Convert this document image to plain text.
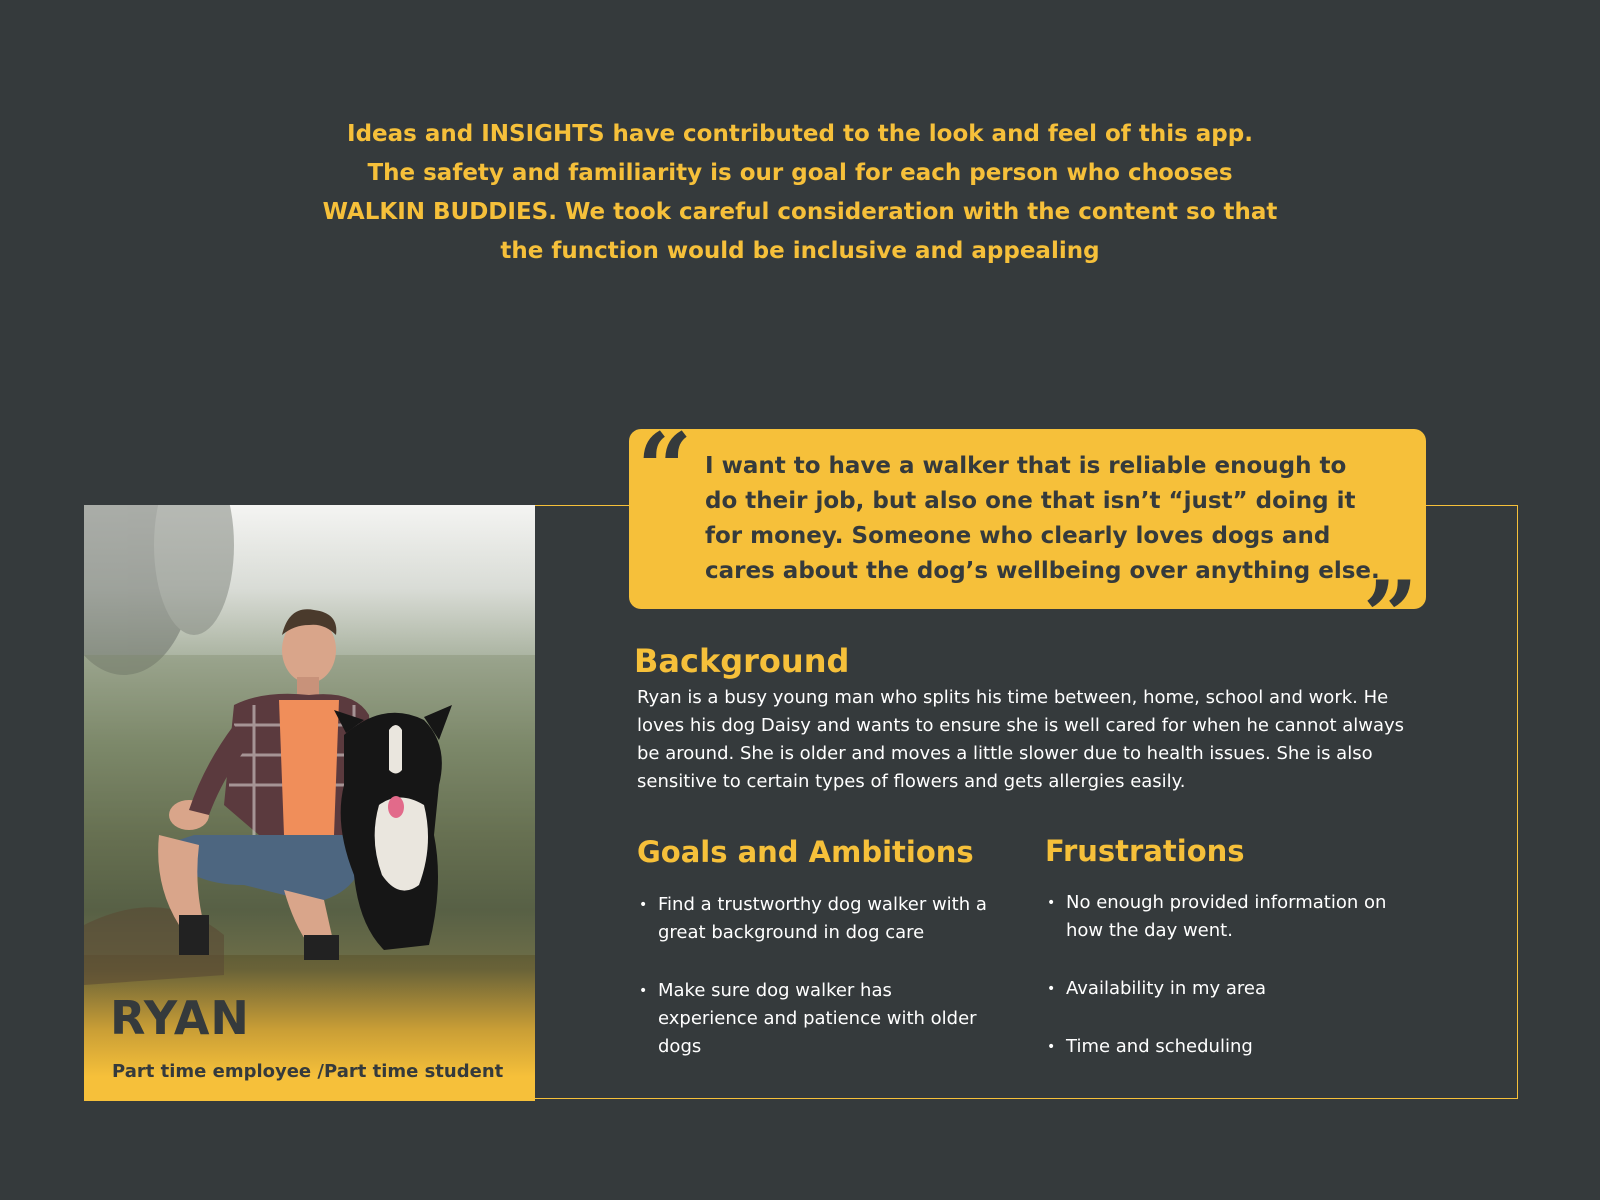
Ideas and INSIGHTS have contributed to the look and feel of this app. The safety and familiarity is our goal for each person who chooses WALKIN BUDDIES. We took careful consideration with the content so that the function would be inclusive and appealing

RYAN

Part time employee /Part time student

“ I want to have a walker that is reliable enough to do their job, but also one that isn’t “just” doing it for money. Someone who clearly loves dogs and cares about the dog’s wellbeing over anything else.

”
Background

Ryan is a busy young man who splits his time between, home, school and work. He loves his dog Daisy and wants to ensure she is well cared for when he cannot always be around. She is older and moves a little slower due to health issues. She is also sensitive to certain types of flowers and gets allergies easily.

Goals and Ambitions
• Find a trustworthy dog walker with a great background in dog care
• Make sure dog walker has experience and patience with older dogs
Frustrations
• No enough provided information on how the day went.
• Availability in my area
• Time and scheduling
